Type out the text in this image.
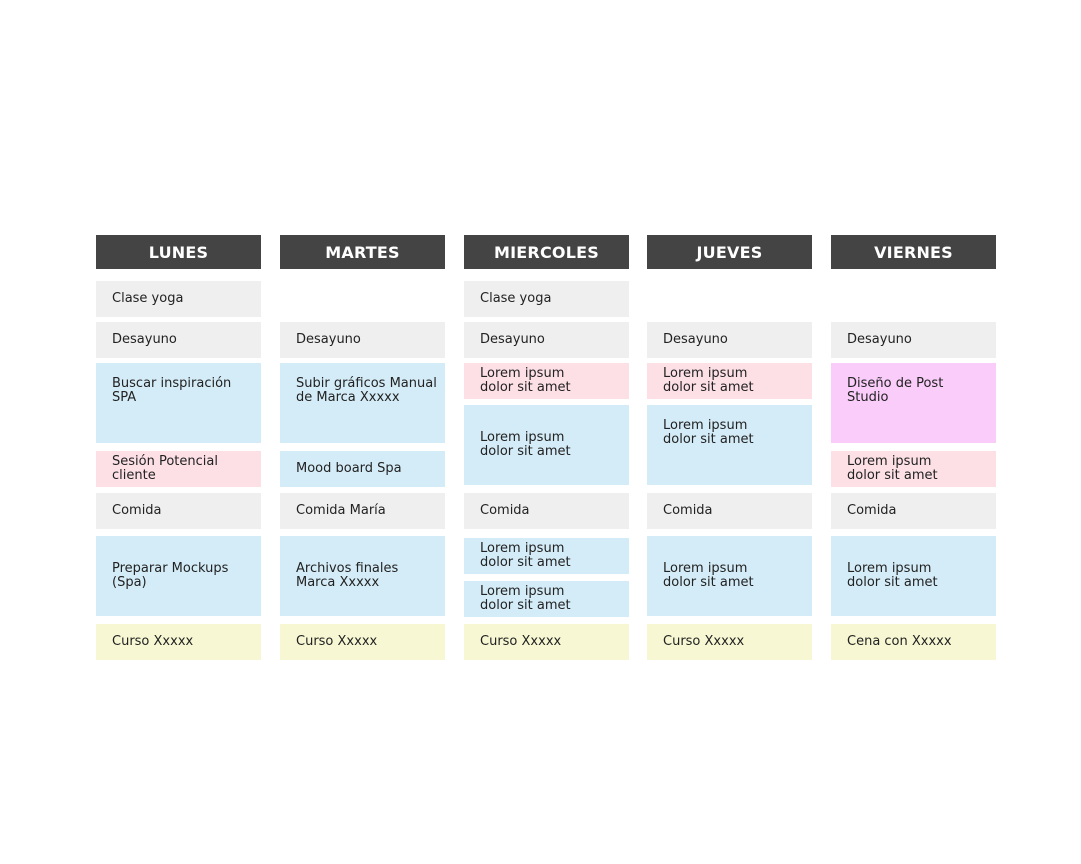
LUNES
Clase yoga
Desayuno
Buscar inspiración
SPA
Sesión Potencial
cliente
Comida
Preparar Mockups
(Spa)
Curso Xxxxx
MARTES
Desayuno
Subir gráficos Manual
de Marca Xxxxx
Mood board Spa
Comida María
Archivos finales
Marca Xxxxx
Curso Xxxxx
MIERCOLES
Clase yoga
Desayuno
Lorem ipsum
dolor sit amet
Lorem ipsum
dolor sit amet
Comida
Lorem ipsum
dolor sit amet
Lorem ipsum
dolor sit amet
Curso Xxxxx
JUEVES
Desayuno
Lorem ipsum
dolor sit amet
Lorem ipsum
dolor sit amet
Comida
Lorem ipsum
dolor sit amet
Curso Xxxxx
VIERNES
Desayuno
Diseño de Post
Studio
Lorem ipsum
dolor sit amet
Comida
Lorem ipsum
dolor sit amet
Cena con Xxxxx
